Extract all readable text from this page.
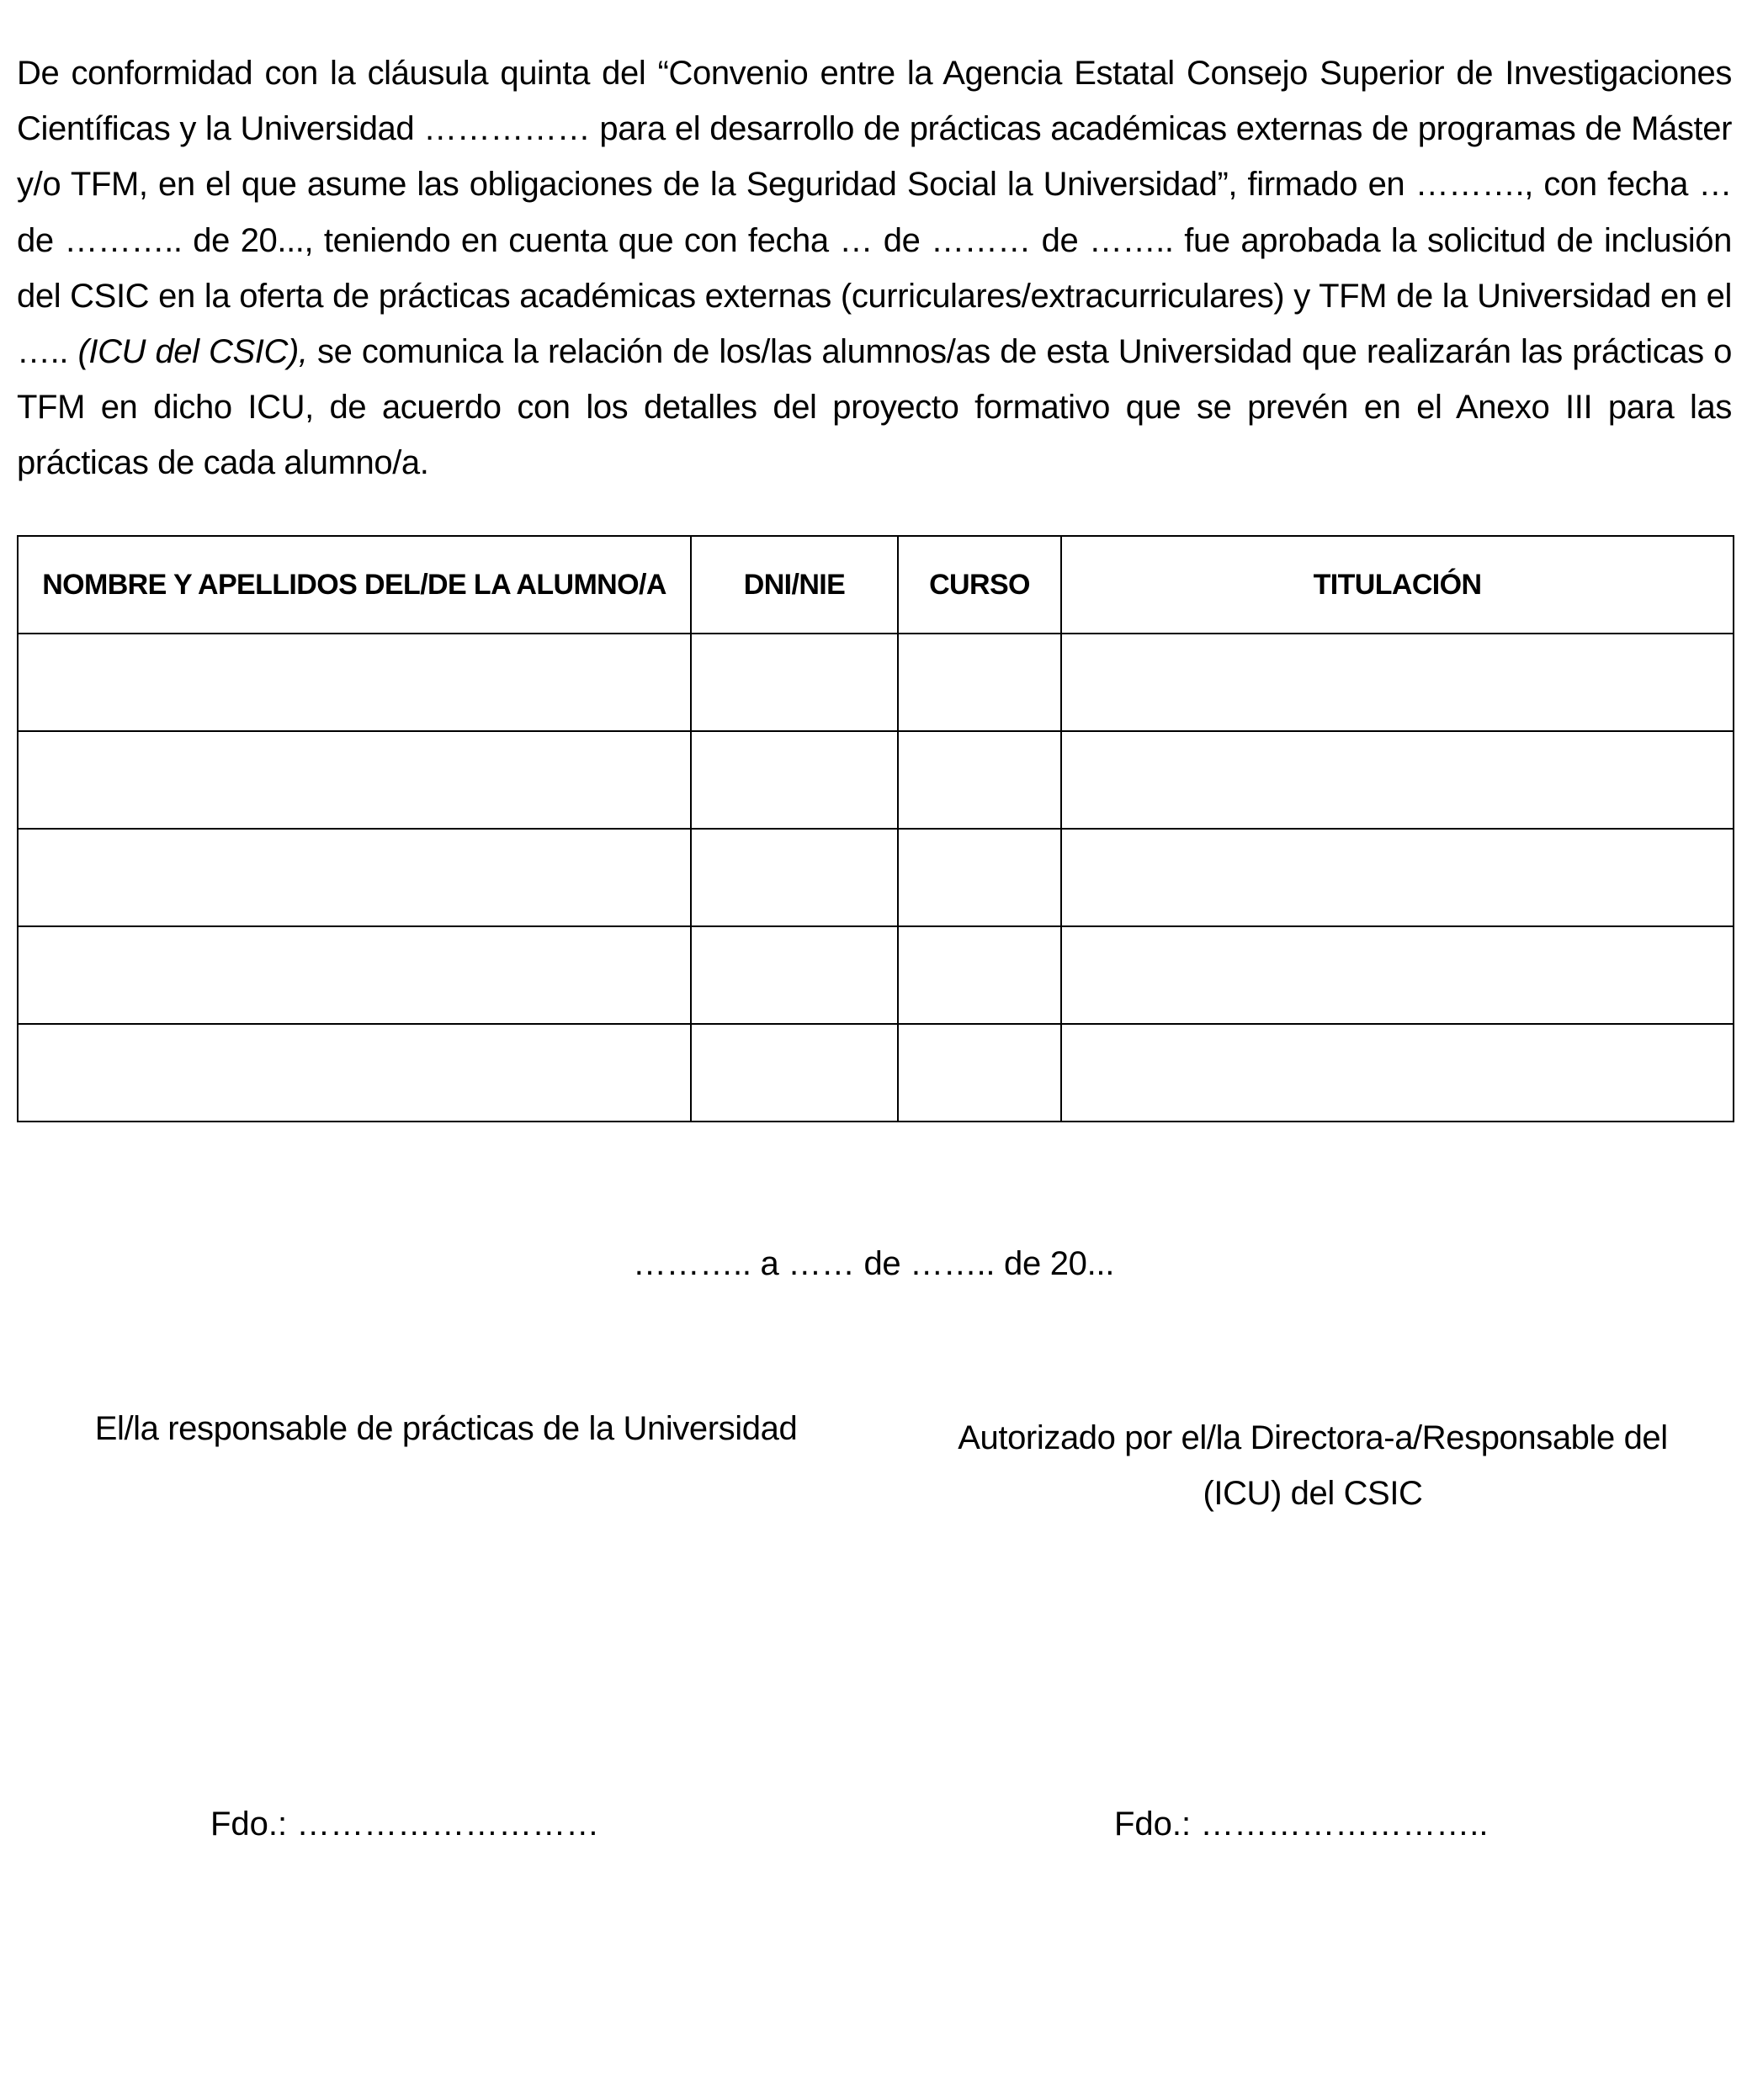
De conformidad con la cláusula quinta del “Convenio entre la Agencia Estatal Consejo Superior de Investigaciones Científicas y la Universidad …………… para el desarrollo de prácticas académicas externas de programas de Máster y/o TFM, en el que asume las obligaciones de la Seguridad Social la Universidad”, firmado en ………., con fecha … de ……….. de 20..., teniendo en cuenta que con fecha … de ……… de …….. fue aprobada la solicitud de inclusión del CSIC en la oferta de prácticas académicas externas (curriculares/extracurriculares) y TFM de la Universidad en el ….. (ICU del CSIC), se comunica la relación de los/las alumnos/as de esta Universidad que realizarán las prácticas o TFM en dicho ICU, de acuerdo con los detalles del proyecto formativo que se prevén en el Anexo III para las prácticas de cada alumno/a.

NOMBRE Y APELLIDOS DEL/DE LA ALUMNO/A	DNI/NIE	CURSO	TITULACIÓN

……….. a …… de …….. de 20...
El/la responsable de prácticas de la Universidad	Autorizado por el/la Directora-a/Responsable del
(ICU) del CSIC
Fdo.: ………………………	Fdo.: ……………………..
